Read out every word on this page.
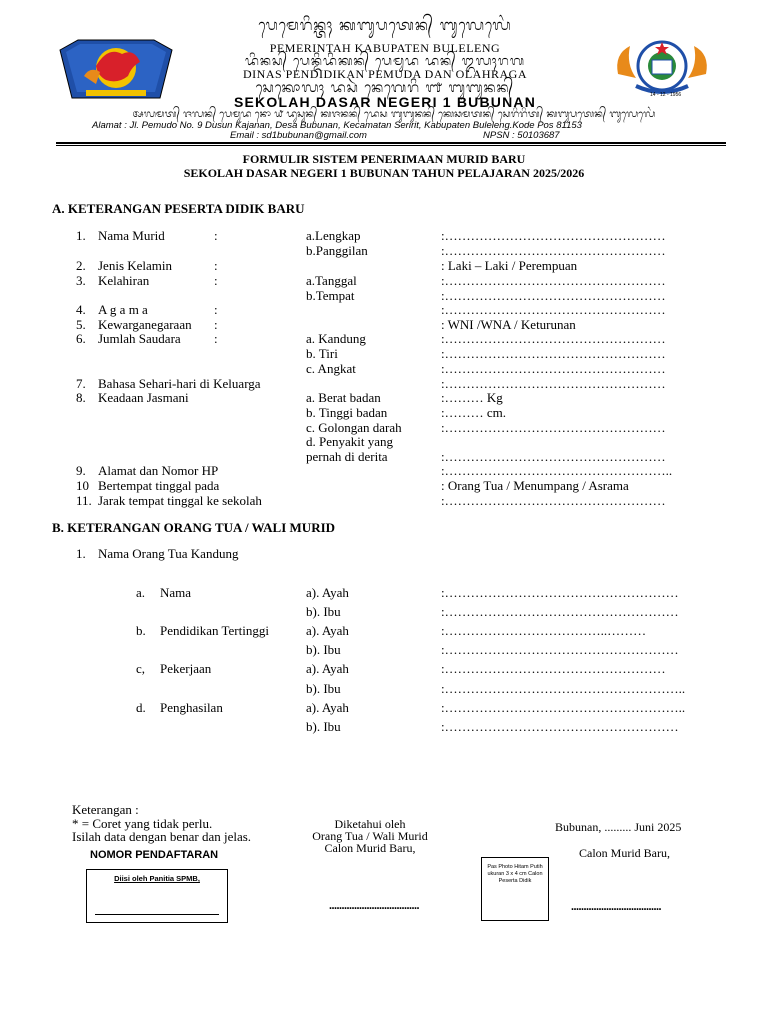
ᬧᬾᬫᬾᬭᬶᬦ᭄ᬢᬄ ᬓᬩᬸᬧᬢᬾᬦ᭄ ᬩᬸᬮᬾᬮᬾᬂ
PEMERINTAH KABUPATEN BULELENG
ᬤᬶᬦᬲ᭄ ᬧᬾᬦ᭄ᬤᬶᬤᬶᬓᬦ᭄ ᬧᬾᬫᬸᬤ ᬤᬦ᭄ ᬑᬮᬄᬭᬕ
DINAS PENDIDIKAN PEMUDA DAN OLAHRAGA
ᬲᬾᬓᭀᬮᬄ ᬤᬲᬃ ᬦᬾᬕᬾᬭᬶ ᭑ ᬩᬸᬩᬸᬦᬦ᭄
SEKOLAH DASAR NEGERI 1 BUBUNAN	14 - 12 - 1956
ᬅᬮᬫᬢ᭄ ᬚᬮᬦ᭄ ᬧᬾᬫᬸᬤ ᬦᭀ ᭙ ᬤᬸᬲᬸᬦ᭄ ᬓᬚᬦᬦ᭄ ᬤᬾᬲ ᬩᬸᬩᬸᬦᬦ᭄ ᬓᬾᬘᬫᬢᬦ᭄ ᬲᬾᬭᬶᬭᬶᬢ᭄ ᬓᬩᬸᬧᬢᬾᬦ᭄ ᬩᬸᬮᬾᬮᬾᬂ
Alamat : Jl. Pemudo No. 9 Dusun Kajanan, Desa Bubunan, Kecamatan Seririt, Kabupaten Buleleng.Kode Pos 81153
Email : sd1bubunan@gmail.com	NPSN : 50103687
FORMULIR SISTEM PENERIMAAN MURID BARU
SEKOLAH DASAR NEGERI 1 BUBUNAN TAHUN PELAJARAN 2025/2026
A. KETERANGAN PESERTA DIDIK BARU
1. Nama Murid	:	a.Lengkap	:……………………………………………
b.Panggilan	:……………………………………………
2. Jenis Kelamin	:	: Laki – Laki / Perempuan
3. Kelahiran	:	a.Tanggal	:……………………………………………
b.Tempat	:……………………………………………
4. A g a m a	:	:……………………………………………
5. Kewarganegaraan :	: WNI /WNA / Keturunan
6. Jumlah Saudara	:	a. Kandung	:……………………………………………
b. Tiri	:……………………………………………
c. Angkat	:……………………………………………
7. Bahasa Sehari-hari di Keluarga	:……………………………………………
8. Keadaan Jasmani	a. Berat badan	:……… Kg
b. Tinggi badan	:……… cm.
c. Golongan darah	:……………………………………………
d. Penyakit yang
pernah di derita	:……………………………………………
9. Alamat dan Nomor HP	:……………………………………………..
10 Bertempat tinggal pada	: Orang Tua / Menumpang / Asrama
11. Jarak tempat tinggal ke sekolah	:……………………………………………
B. KETERANGAN ORANG TUA / WALI MURID
1. Nama Orang Tua Kandung
a. Nama	a). Ayah	:………………………………………………
b). Ibu	:………………………………………………
b. Pendidikan Tertinggi	a). Ayah	:………………………………..………
b). Ibu	:………………………………………………
c, Pekerjaan	a). Ayah	:……………………………………………
b). Ibu	:………………………………………………..
d. Penghasilan	a). Ayah	:………………………………………………..
b). Ibu	:………………………………………………
Keterangan :
* = Coret yang tidak perlu.
Isilah data dengan benar dan jelas.
NOMOR PENDAFTARAN
Diisi oleh Panitia SPMB,
Diketahui oleh
Orang Tua / Wali Murid
Calon Murid Baru,
....................................
Pas Photo Hitam Putih ukuran 3 x 4 cm Calon Peserta Didik
Bubunan, ......... Juni 2025
Calon Murid Baru,
....................................
